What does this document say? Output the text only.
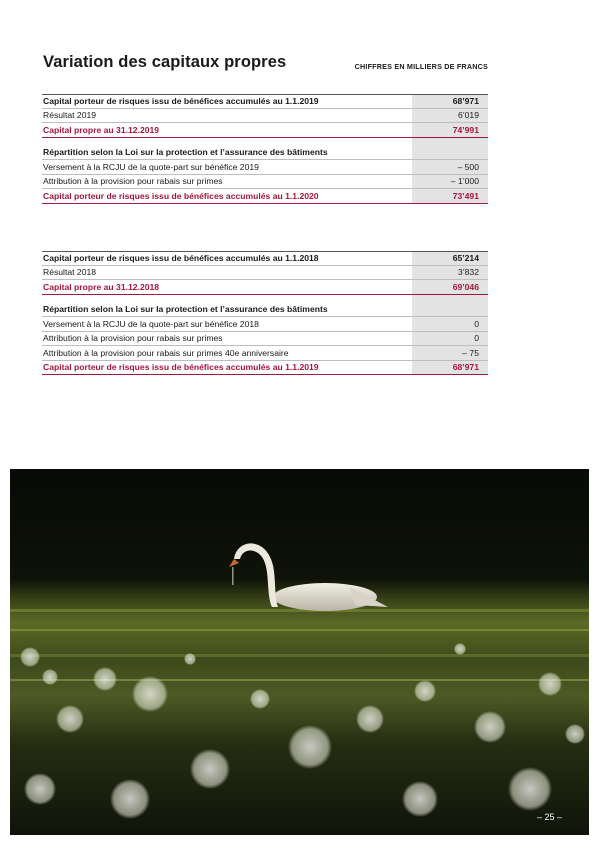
Variation des capitaux propres	CHIFFRES EN MILLIERS DE FRANCS
Capital porteur de risques issu de bénéfices accumulés au 1.1.2019	68’971
Résultat 2019	6’019
Capital propre au 31.12.2019	74’991
Répartition selon la Loi sur la protection et l’assurance des bâtiments
Versement à la RCJU de la quote-part sur bénéfice 2019	– 500
Attribution à la provision pour rabais sur primes	– 1’000
Capital porteur de risques issu de bénéfices accumulés au 1.1.2020	73’491
Capital porteur de risques issu de bénéfices accumulés au 1.1.2018	65’214
Résultat 2018	3’832
Capital propre au 31.12.2018	69’046
Répartition selon la Loi sur la protection et l’assurance des bâtiments
Versement à la RCJU de la quote-part sur bénéfice 2018	0
Attribution à la provision pour rabais sur primes	0
Attribution à la provision pour rabais sur primes 40e anniversaire	– 75
Capital porteur de risques issu de bénéfices accumulés au 1.1.2019	68’971
– 25 –
